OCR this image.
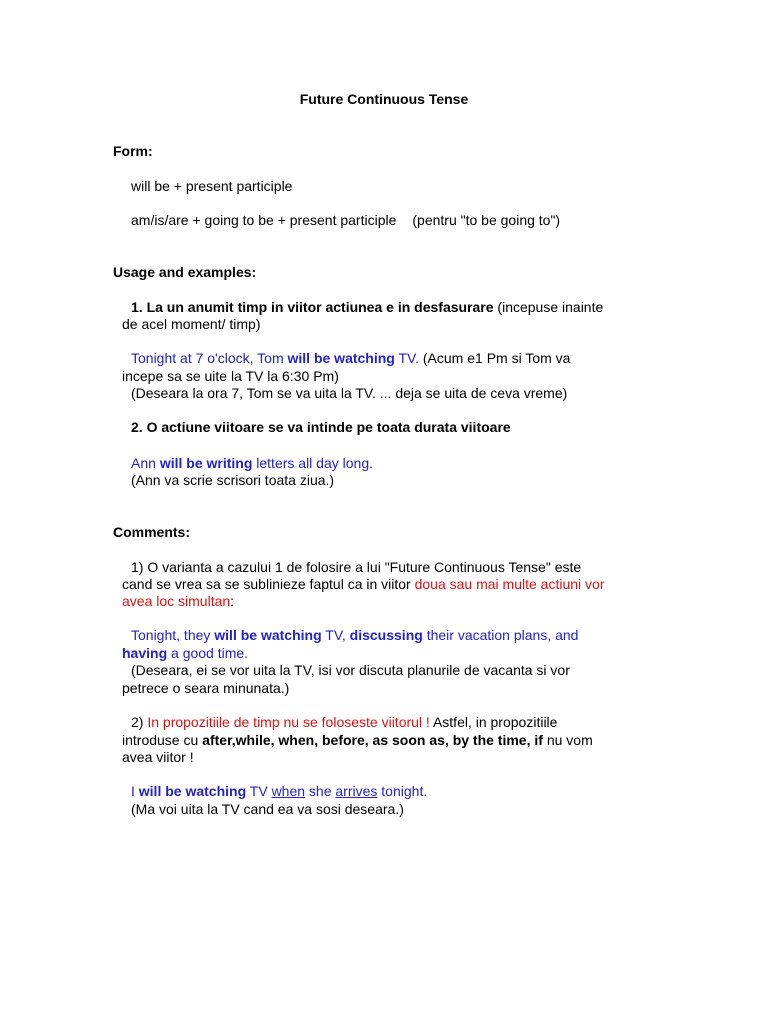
Future Continuous Tense
Form:
will be + present participle
am/is/are + going to be + present participle (pentru "to be going to")
Usage and examples:
1. La un anumit timp in viitor actiunea e in desfasurare (incepuse inainte
de acel moment/ timp)
Tonight at 7 o'clock, Tom will be watching TV. (Acum e1 Pm si Tom va
incepe sa se uite la TV la 6:30 Pm)
(Deseara la ora 7, Tom se va uita la TV. ... deja se uita de ceva vreme)
2. O actiune viitoare se va intinde pe toata durata viitoare
Ann will be writing letters all day long.
(Ann va scrie scrisori toata ziua.)
Comments:
1) O varianta a cazului 1 de folosire a lui "Future Continuous Tense" este
cand se vrea sa se sublinieze faptul ca in viitor doua sau mai multe actiuni vor
avea loc simultan:
Tonight, they will be watching TV, discussing their vacation plans, and
having a good time.
(Deseara, ei se vor uita la TV, isi vor discuta planurile de vacanta si vor
petrece o seara minunata.)
2) In propozitiile de timp nu se foloseste viitorul ! Astfel, in propozitiile
introduse cu after,while, when, before, as soon as, by the time, if nu vom
avea viitor !
I will be watching TV when she arrives tonight.
(Ma voi uita la TV cand ea va sosi deseara.)
